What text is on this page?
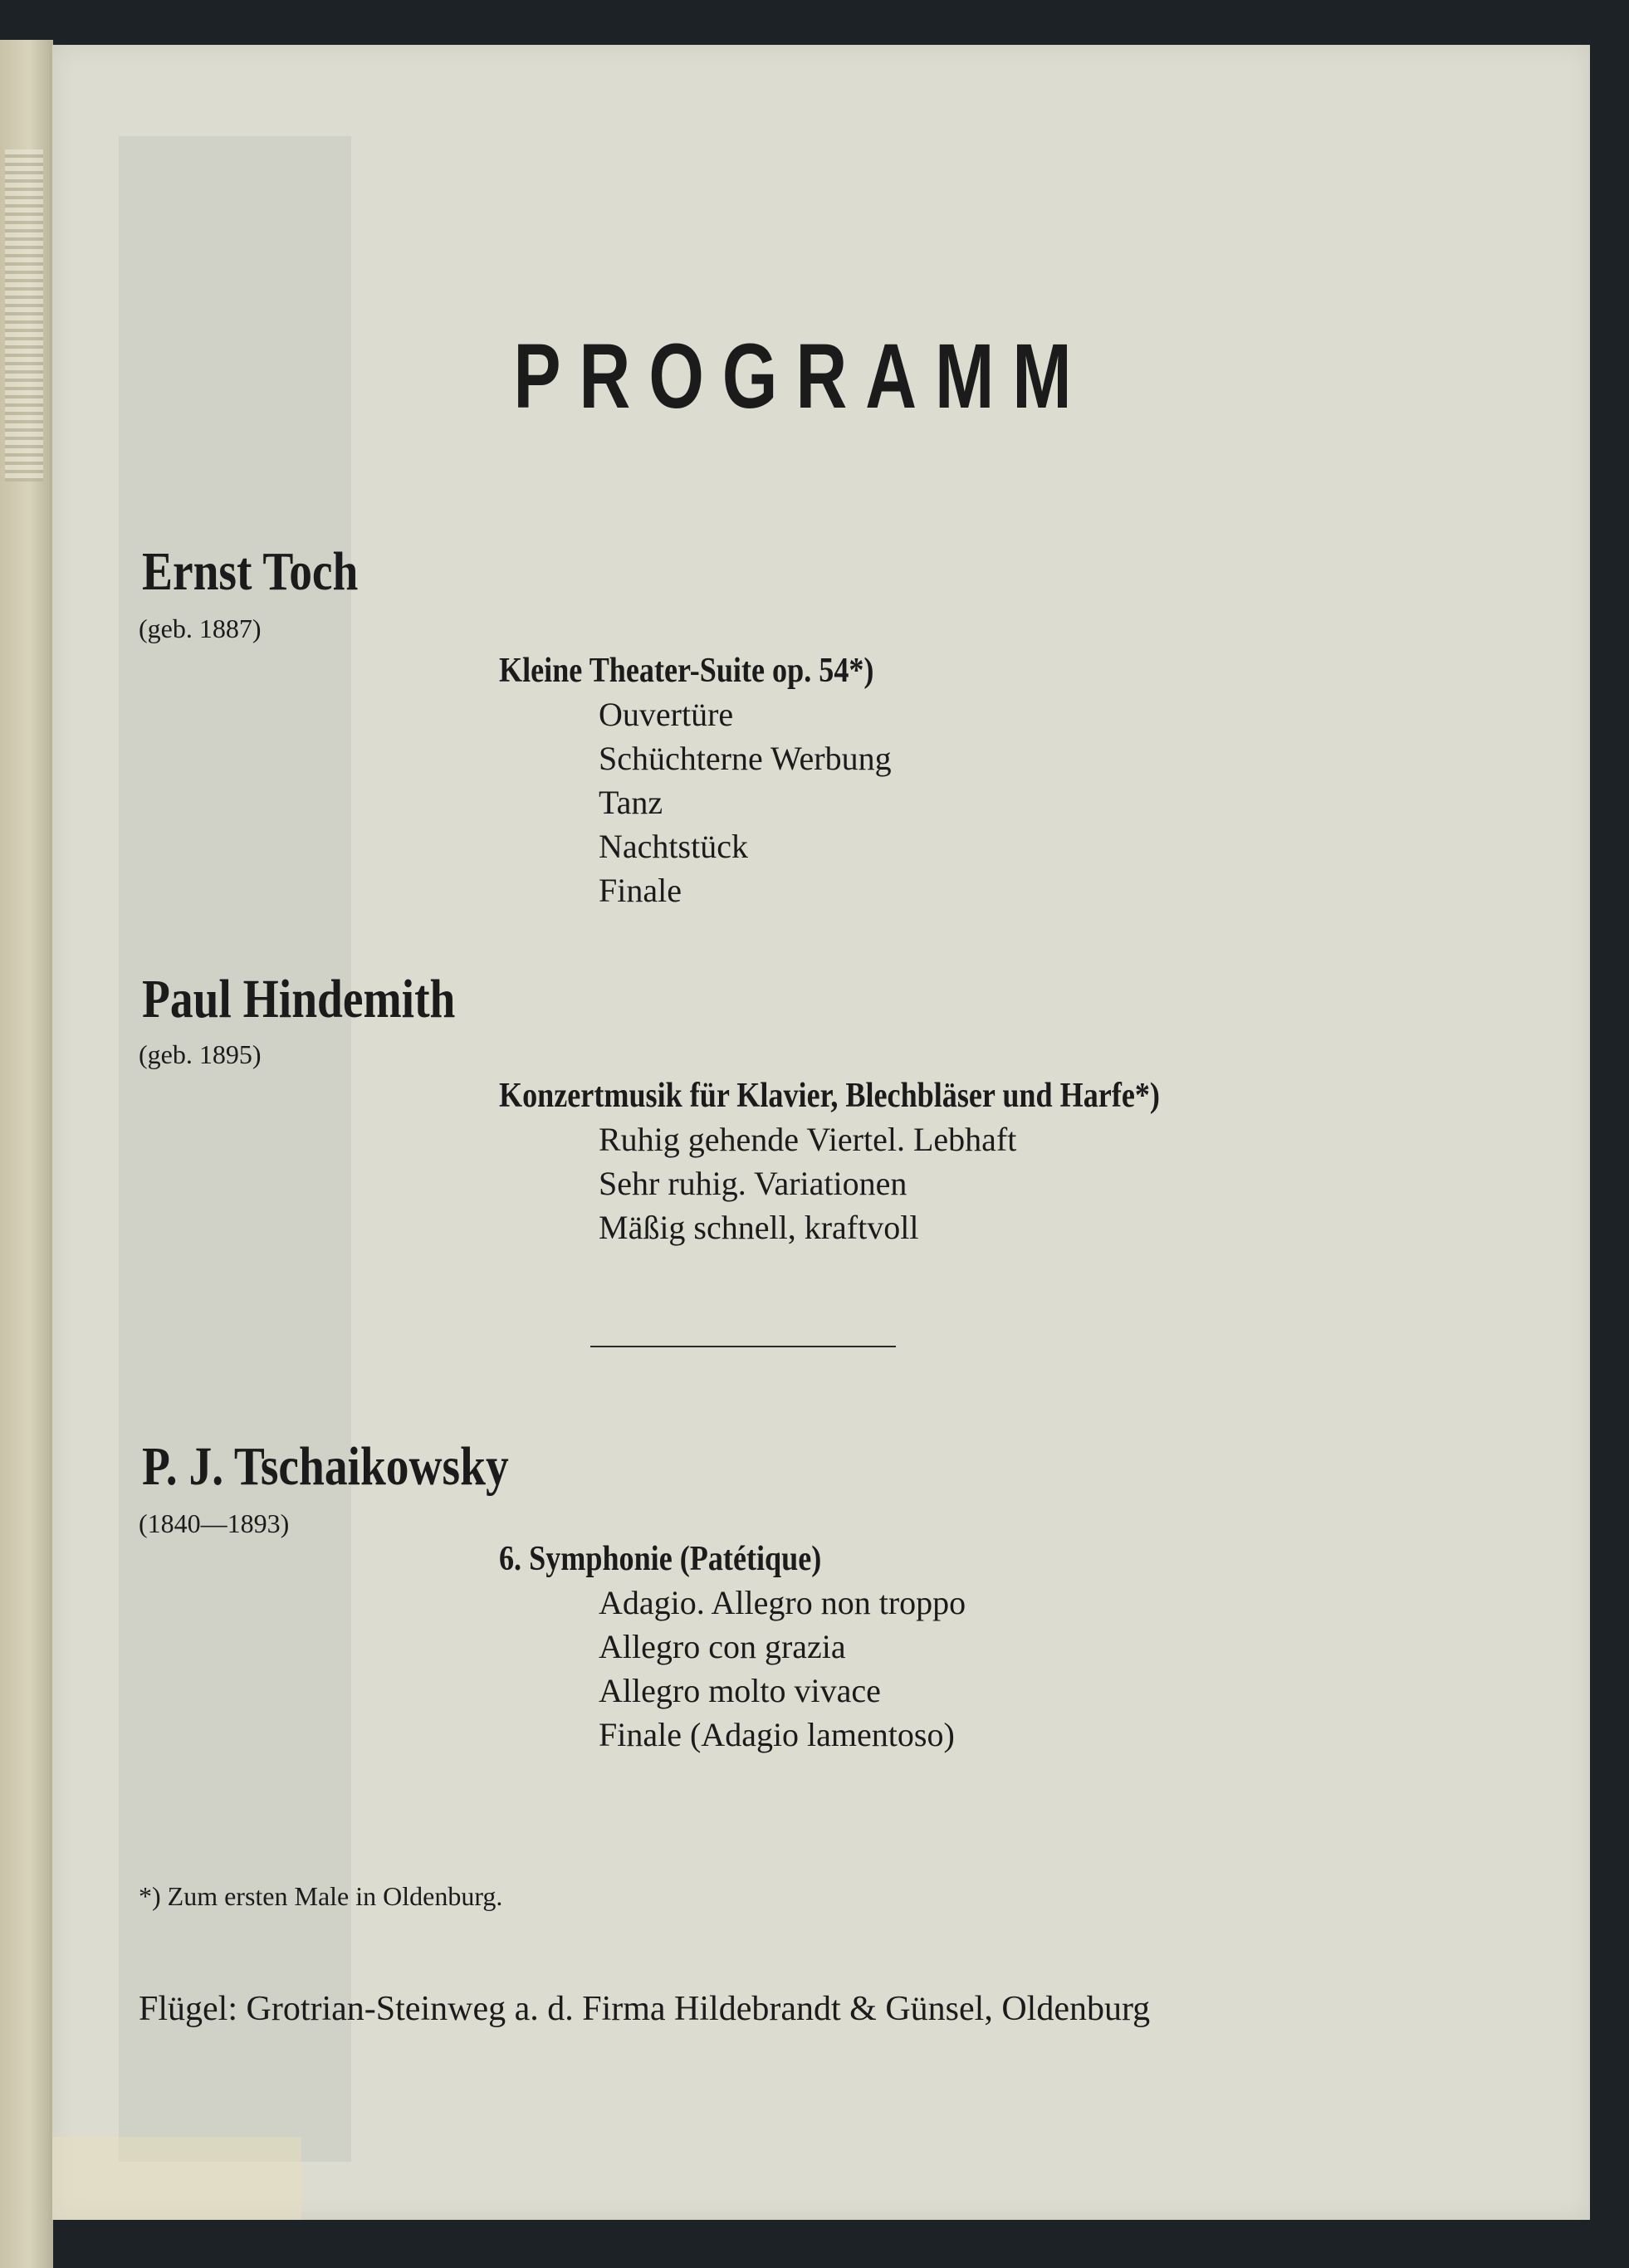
PROGRAMM
Ernst Toch

(geb. 1887)

Kleine Theater-Suite op. 54*)
Ouvertüre
Schüchterne Werbung
Tanz
Nachtstück
Finale
Paul Hindemith

(geb. 1895)

Konzertmusik für Klavier, Blechbläser und Harfe*)
Ruhig gehende Viertel. Lebhaft
Sehr ruhig. Variationen
Mäßig schnell, kraftvoll
P. J. Tschaikowsky

(1840—1893)

6. Symphonie (Patétique)
Adagio. Allegro non troppo
Allegro con grazia
Allegro molto vivace
Finale (Adagio lamentoso)

*) Zum ersten Male in Oldenburg.

Flügel: Grotrian-Steinweg a. d. Firma Hildebrandt & Günsel, Oldenburg
